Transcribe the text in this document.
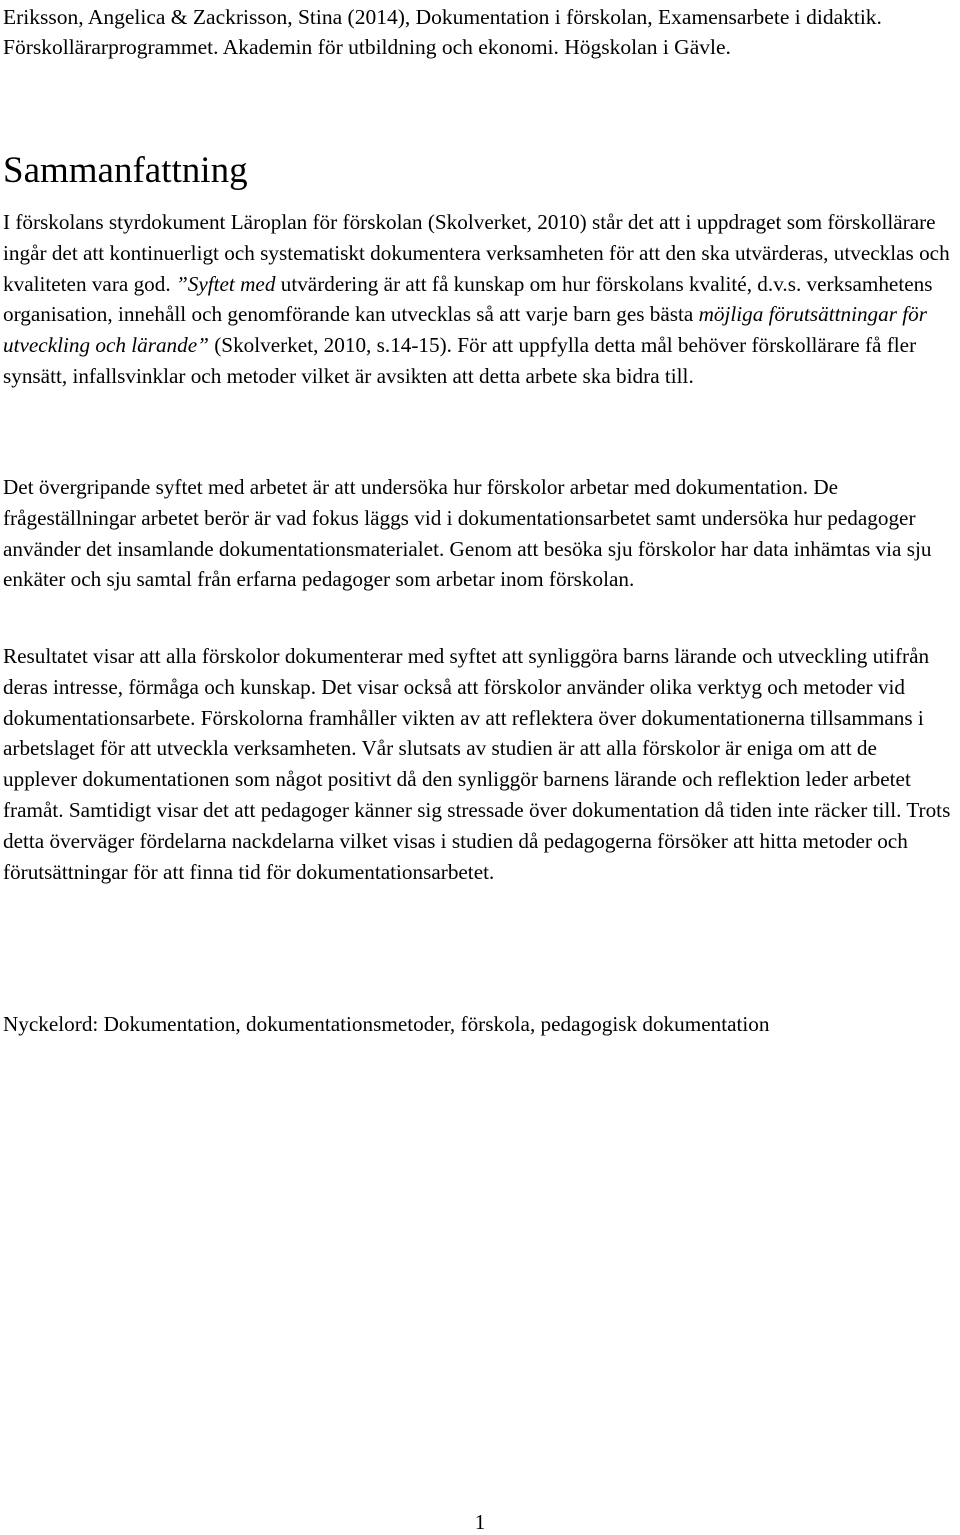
Eriksson, Angelica & Zackrisson, Stina (2014), Dokumentation i förskolan, Examensarbete i didaktik. Förskollärarprogrammet. Akademin för utbildning och ekonomi. Högskolan i Gävle.
Sammanfattning

I förskolans styrdokument Läroplan för förskolan (Skolverket, 2010) står det att i uppdraget som förskollärare ingår det att kontinuerligt och systematiskt dokumentera verksamheten för att den ska utvärderas, utvecklas och kvaliteten vara god. ”Syftet med utvärdering är att få kunskap om hur förskolans kvalité, d.v.s. verksamhetens organisation, innehåll och genomförande kan utvecklas så att varje barn ges bästa möjliga förutsättningar för utveckling och lärande” (Skolverket, 2010, s.14-15). För att uppfylla detta mål behöver förskollärare få fler synsätt, infallsvinklar och metoder vilket är avsikten att detta arbete ska bidra till.

Det övergripande syftet med arbetet är att undersöka hur förskolor arbetar med dokumentation. De frågeställningar arbetet berör är vad fokus läggs vid i dokumentationsarbetet samt undersöka hur pedagoger använder det insamlande dokumentationsmaterialet. Genom att besöka sju förskolor har data inhämtas via sju enkäter och sju samtal från erfarna pedagoger som arbetar inom förskolan.

Resultatet visar att alla förskolor dokumenterar med syftet att synliggöra barns lärande och utveckling utifrån deras intresse, förmåga och kunskap. Det visar också att förskolor använder olika verktyg och metoder vid dokumentationsarbete. Förskolorna framhåller vikten av att reflektera över dokumentationerna tillsammans i arbetslaget för att utveckla verksamheten. Vår slutsats av studien är att alla förskolor är eniga om att de upplever dokumentationen som något positivt då den synliggör barnens lärande och reflektion leder arbetet framåt. Samtidigt visar det att pedagoger känner sig stressade över dokumentation då tiden inte räcker till. Trots detta överväger fördelarna nackdelarna vilket visas i studien då pedagogerna försöker att hitta metoder och förutsättningar för att finna tid för dokumentationsarbetet.

Nyckelord: Dokumentation, dokumentationsmetoder, förskola, pedagogisk dokumentation

1
